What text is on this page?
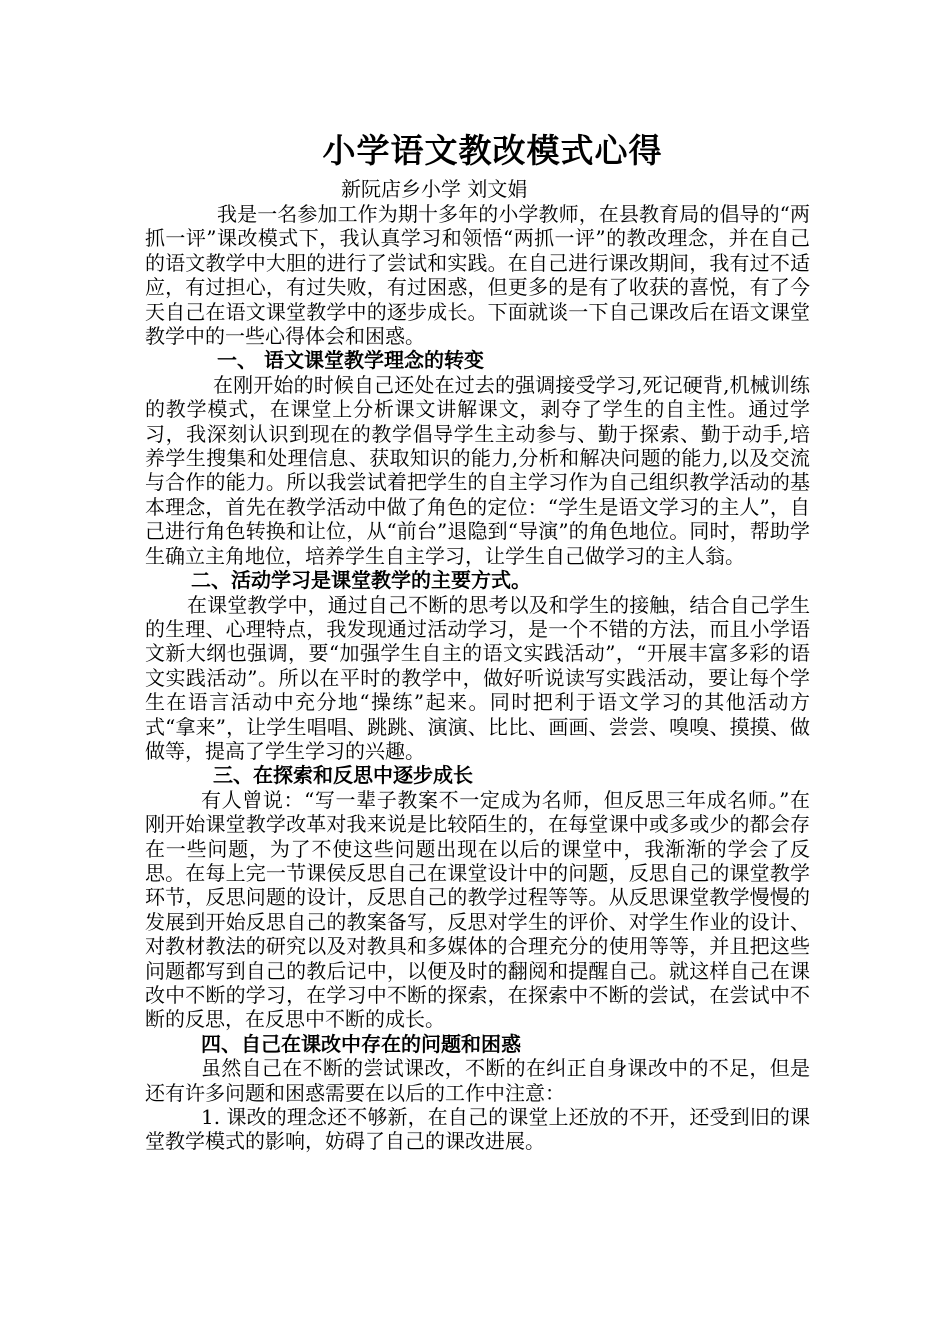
小学语文教改模式心得

新阮店乡小学 刘文娟

我是一名参加工作为期十多年的小学教师，在县教育局的倡导的“两抓一评”课改模式下，我认真学习和领悟“两抓一评”的教改理念，并在自己的语文教学中大胆的进行了尝试和实践。在自己进行课改期间，我有过不适应，有过担心，有过失败，有过困惑，但更多的是有了收获的喜悦，有了今天自己在语文课堂教学中的逐步成长。下面就谈一下自己课改后在语文课堂教学中的一些心得体会和困惑。

一、 语文课堂教学理念的转变

在刚开始的时候自己还处在过去的强调接受学习,死记硬背,机械训练的教学模式，在课堂上分析课文讲解课文，剥夺了学生的自主性。通过学习，我深刻认识到现在的教学倡导学生主动参与、勤于探索、勤于动手,培养学生搜集和处理信息、获取知识的能力,分析和解决问题的能力,以及交流与合作的能力。所以我尝试着把学生的自主学习作为自己组织教学活动的基本理念，首先在教学活动中做了角色的定位：“学生是语文学习的主人”，自己进行角色转换和让位，从“前台”退隐到“导演”的角色地位。同时，帮助学生确立主角地位，培养学生自主学习，让学生自己做学习的主人翁。

二、活动学习是课堂教学的主要方式。

在课堂教学中，通过自己不断的思考以及和学生的接触，结合自己学生的生理、心理特点，我发现通过活动学习，是一个不错的方法，而且小学语文新大纲也强调，要“加强学生自主的语文实践活动”，“开展丰富多彩的语文实践活动”。所以在平时的教学中，做好听说读写实践活动，要让每个学生在语言活动中充分地“操练”起来。同时把利于语文学习的其他活动方式“拿来”，让学生唱唱、跳跳、演演、比比、画画、尝尝、嗅嗅、摸摸、做做等，提高了学生学习的兴趣。

三、在探索和反思中逐步成长

有人曾说：“写一辈子教案不一定成为名师，但反思三年成名师。”在刚开始课堂教学改革对我来说是比较陌生的，在每堂课中或多或少的都会存在一些问题，为了不使这些问题出现在以后的课堂中，我渐渐的学会了反思。在每上完一节课侯反思自己在课堂设计中的问题，反思自己的课堂教学环节，反思问题的设计，反思自己的教学过程等等。从反思课堂教学慢慢的发展到开始反思自己的教案备写，反思对学生的评价、对学生作业的设计、对教材教法的研究以及对教具和多媒体的合理充分的使用等等，并且把这些问题都写到自己的教后记中，以便及时的翻阅和提醒自己。就这样自己在课改中不断的学习，在学习中不断的探索，在探索中不断的尝试，在尝试中不断的反思，在反思中不断的成长。

四、自己在课改中存在的问题和困惑

虽然自己在不断的尝试课改，不断的在纠正自身课改中的不足，但是还有许多问题和困惑需要在以后的工作中注意：

1. 课改的理念还不够新，在自己的课堂上还放的不开，还受到旧的课堂教学模式的影响，妨碍了自己的课改进展。
